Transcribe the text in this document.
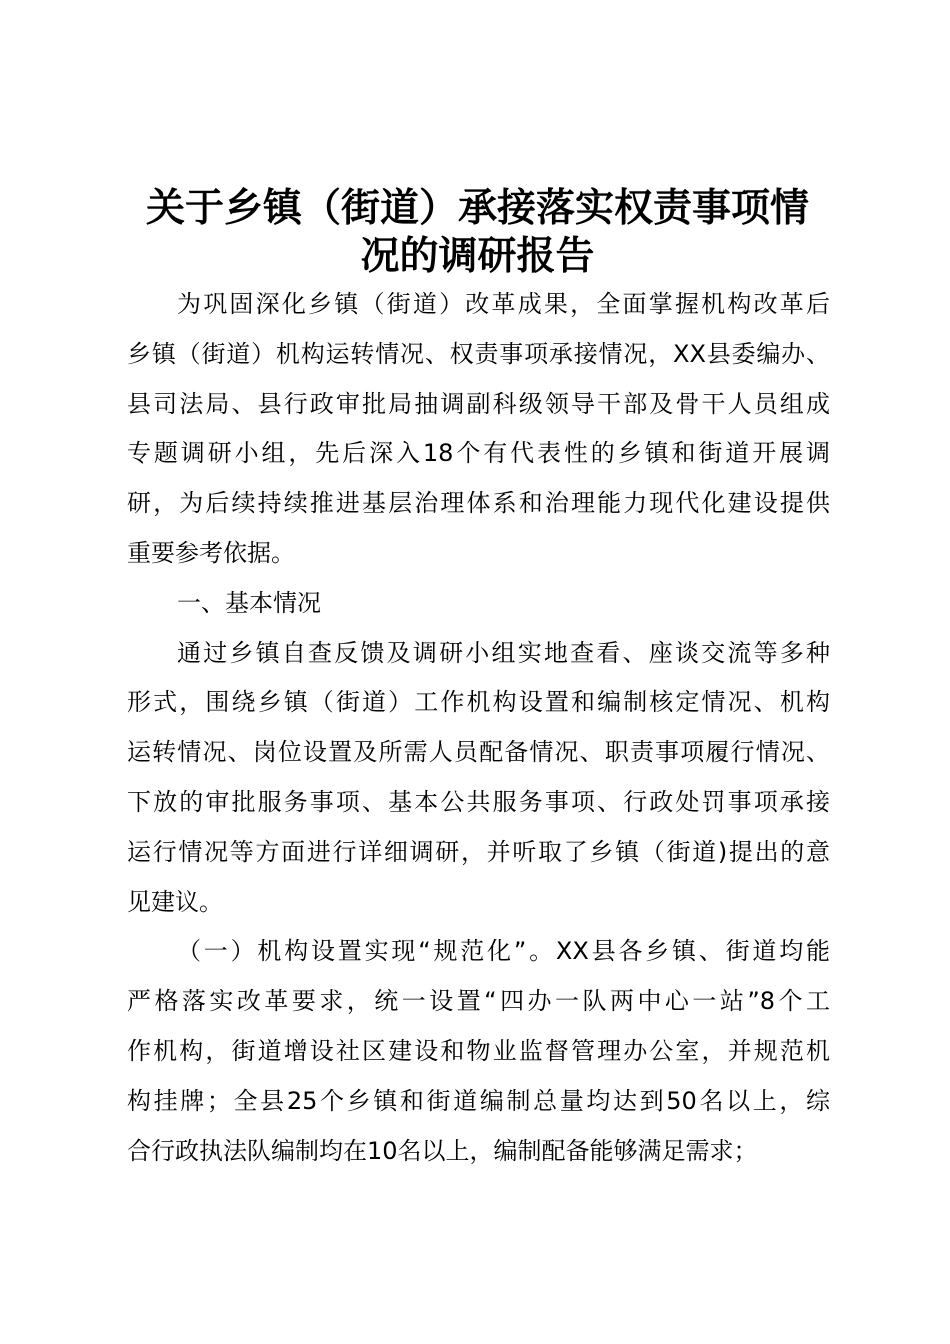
关于乡镇（街道）承接落实权责事项情
况的调研报告
为巩固深化乡镇（街道）改革成果，全面掌握机构改革后
乡镇（街道）机构运转情况、权责事项承接情况，XX县委编办、
县司法局、县行政审批局抽调副科级领导干部及骨干人员组成
专题调研小组，先后深入18个有代表性的乡镇和街道开展调
研，为后续持续推进基层治理体系和治理能力现代化建设提供
重要参考依据。
一、基本情况
通过乡镇自查反馈及调研小组实地查看、座谈交流等多种
形式，围绕乡镇（街道）工作机构设置和编制核定情况、机构
运转情况、岗位设置及所需人员配备情况、职责事项履行情况、
下放的审批服务事项、基本公共服务事项、行政处罚事项承接
运行情况等方面进行详细调研，并听取了乡镇（街道)提出的意
见建议。
（一）机构设置实现“规范化”。XX县各乡镇、街道均能
严格落实改革要求，统一设置“四办一队两中心一站”8个工
作机构，街道增设社区建设和物业监督管理办公室，并规范机
构挂牌；全县25个乡镇和街道编制总量均达到50名以上，综
合行政执法队编制均在10名以上，编制配备能够满足需求；
